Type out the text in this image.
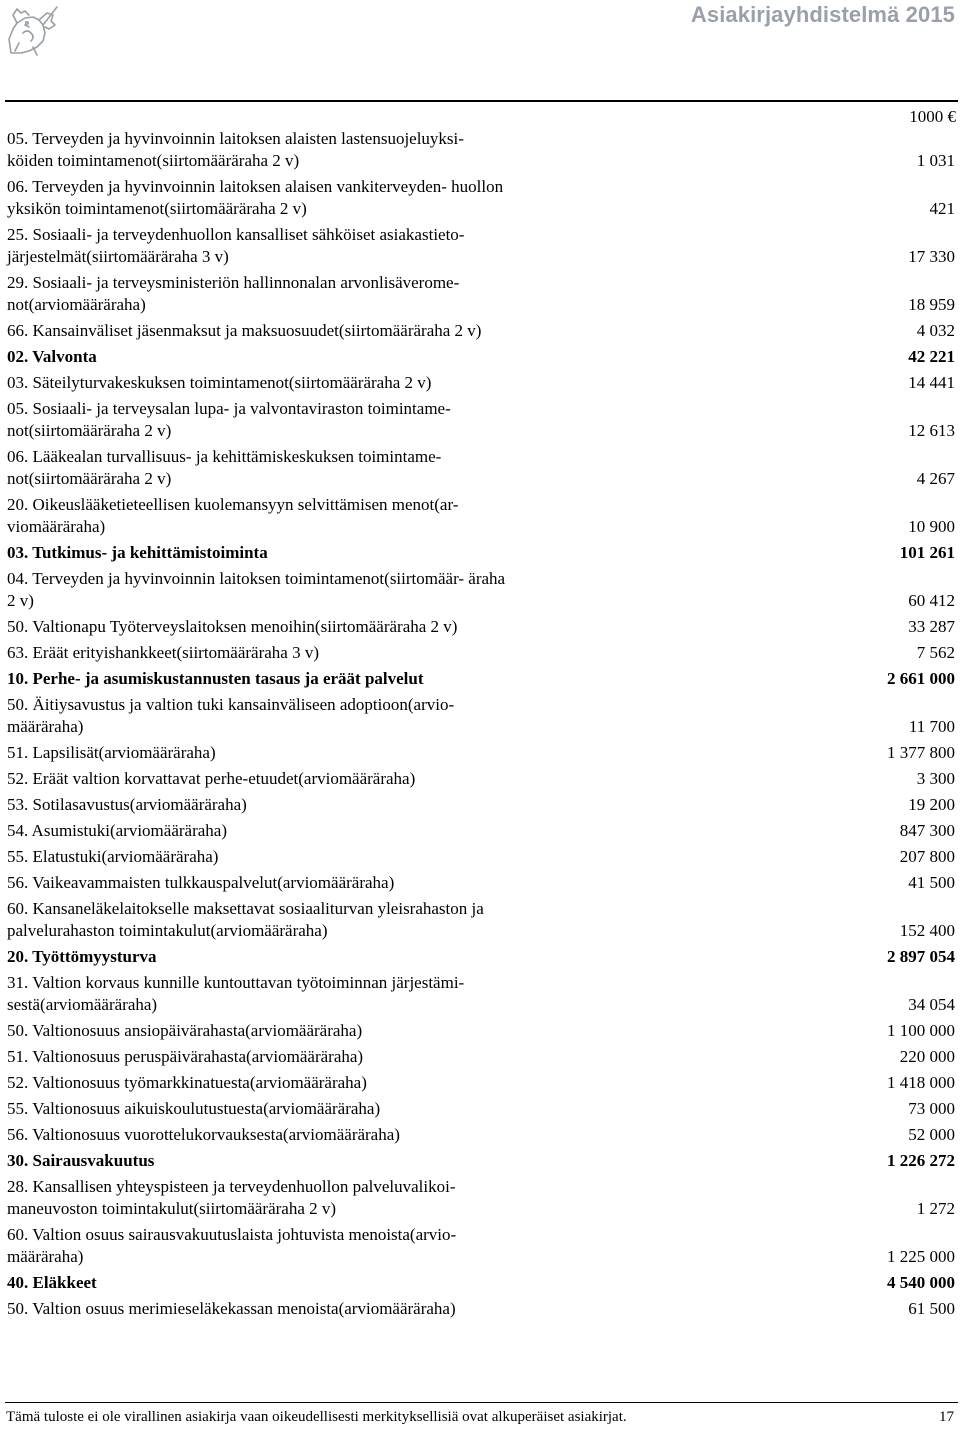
Asiakirjayhdistelmä 2015
1000 €
05. Terveyden ja hyvinvoinnin laitoksen alaisten lastensuojeluyksi- köiden toimintamenot(siirtomääräraha 2 v)	1 031
06. Terveyden ja hyvinvoinnin laitoksen alaisen vankiterveyden- huollon yksikön toimintamenot(siirtomääräraha 2 v)	421
25. Sosiaali- ja terveydenhuollon kansalliset sähköiset asiakastieto- järjestelmät(siirtomääräraha 3 v)	17 330
29. Sosiaali- ja terveysministeriön hallinnonalan arvonlisäverome- not(arviomääräraha)	18 959
66. Kansainväliset jäsenmaksut ja maksuosuudet(siirtomääräraha 2 v)	4 032
02. Valvonta	42 221
03. Säteilyturvakeskuksen toimintamenot(siirtomääräraha 2 v)	14 441
05. Sosiaali- ja terveysalan lupa- ja valvontaviraston toimintame- not(siirtomääräraha 2 v)	12 613
06. Lääkealan turvallisuus- ja kehittämiskeskuksen toimintame- not(siirtomääräraha 2 v)	4 267
20. Oikeuslääketieteellisen kuolemansyyn selvittämisen menot(ar- viomääräraha)	10 900
03. Tutkimus- ja kehittämistoiminta	101 261
04. Terveyden ja hyvinvoinnin laitoksen toimintamenot(siirtomäär- äraha 2 v)	60 412
50. Valtionapu Työterveyslaitoksen menoihin(siirtomääräraha 2 v)	33 287
63. Eräät erityishankkeet(siirtomääräraha 3 v)	7 562
10. Perhe- ja asumiskustannusten tasaus ja eräät palvelut	2 661 000
50. Äitiysavustus ja valtion tuki kansainväliseen adoptioon(arvio- määräraha)	11 700
51. Lapsilisät(arviomääräraha)	1 377 800
52. Eräät valtion korvattavat perhe-etuudet(arviomääräraha)	3 300
53. Sotilasavustus(arviomääräraha)	19 200
54. Asumistuki(arviomääräraha)	847 300
55. Elatustuki(arviomääräraha)	207 800
56. Vaikeavammaisten tulkkauspalvelut(arviomääräraha)	41 500
60. Kansaneläkelaitokselle maksettavat sosiaaliturvan yleisrahaston ja palvelurahaston toimintakulut(arviomääräraha)	152 400
20. Työttömyysturva	2 897 054
31. Valtion korvaus kunnille kuntouttavan työtoiminnan järjestämi- sestä(arviomääräraha)	34 054
50. Valtionosuus ansiopäivärahasta(arviomääräraha)	1 100 000
51. Valtionosuus peruspäivärahasta(arviomääräraha)	220 000
52. Valtionosuus työmarkkinatuesta(arviomääräraha)	1 418 000
55. Valtionosuus aikuiskoulutustuesta(arviomääräraha)	73 000
56. Valtionosuus vuorottelukorvauksesta(arviomääräraha)	52 000
30. Sairausvakuutus	1 226 272
28. Kansallisen yhteyspisteen ja terveydenhuollon palveluvalikoi- maneuvoston toimintakulut(siirtomääräraha 2 v)	1 272
60. Valtion osuus sairausvakuutuslaista johtuvista menoista(arvio- määräraha)	1 225 000
40. Eläkkeet	4 540 000
50. Valtion osuus merimieseläkekassan menoista(arviomääräraha)	61 500
Tämä tuloste ei ole virallinen asiakirja vaan oikeudellisesti merkityksellisiä ovat alkuperäiset asiakirjat.	17
